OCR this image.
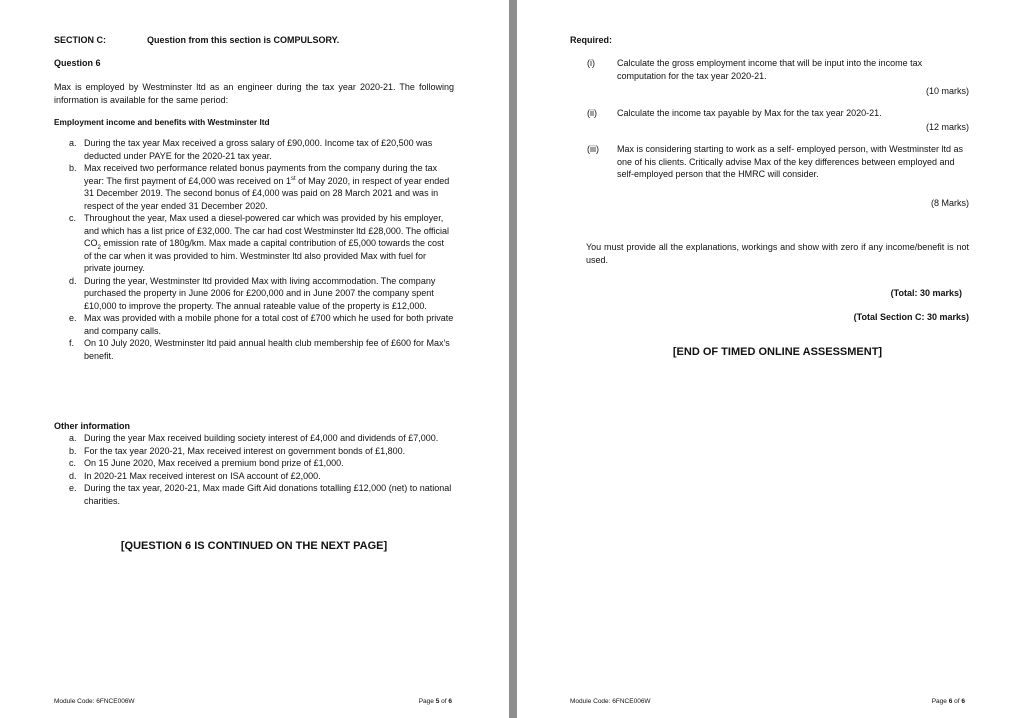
SECTION C:	Question from this section is COMPULSORY.
Question 6
Max is employed by Westminster ltd as an engineer during the tax year 2020-21. The following information is available for the same period:
Employment income and benefits with Westminster ltd
a. During the tax year Max received a gross salary of £90,000. Income tax of £20,500 was deducted under PAYE for the 2020-21 tax year.
b. Max received two performance related bonus payments from the company during the tax year: The first payment of £4,000 was received on 1st of May 2020, in respect of year ended 31 December 2019. The second bonus of £4,000 was paid on 28 March 2021 and was in respect of the year ended 31 December 2020.
c. Throughout the year, Max used a diesel-powered car which was provided by his employer, and which has a list price of £32,000. The car had cost Westminster ltd £28,000. The official $CO_2$ emission rate of 180g/km. Max made a capital contribution of £5,000 towards the cost of the car when it was provided to him. Westminster ltd also provided Max with fuel for private journey.
d. During the year, Westminster ltd provided Max with living accommodation. The company purchased the property in June 2006 for £200,000 and in June 2007 the company spent £10,000 to improve the property. The annual rateable value of the property is £12,000.
e. Max was provided with a mobile phone for a total cost of £700 which he used for both private and company calls.
f. On 10 July 2020, Westminster ltd paid annual health club membership fee of £600 for Max's benefit.
Other information
a. During the year Max received building society interest of £4,000 and dividends of £7,000.
b. For the tax year 2020-21, Max received interest on government bonds of £1,800.
c. On 15 June 2020, Max received a premium bond prize of £1,000.
d. In 2020-21 Max received interest on ISA account of £2,000.
e. During the tax year, 2020-21, Max made Gift Aid donations totalling £12,000 (net) to national charities.
[QUESTION 6 IS CONTINUED ON THE NEXT PAGE]
Module Code: 6FNCE006W	Page 5 of 6
Required:
(i) Calculate the gross employment income that will be input into the income tax computation for the tax year 2020-21.
(10 marks)
(ii) Calculate the income tax payable by Max for the tax year 2020-21.
(12 marks)
(iii) Max is considering starting to work as a self- employed person, with Westminster ltd as one of his clients. Critically advise Max of the key differences between employed and self-employed person that the HMRC will consider.
(8 Marks)
You must provide all the explanations, workings and show with zero if any income/benefit is not used.
(Total: 30 marks)
(Total Section C: 30 marks)
[END OF TIMED ONLINE ASSESSMENT]
Module Code: 6FNCE006W	Page 6 of 6
